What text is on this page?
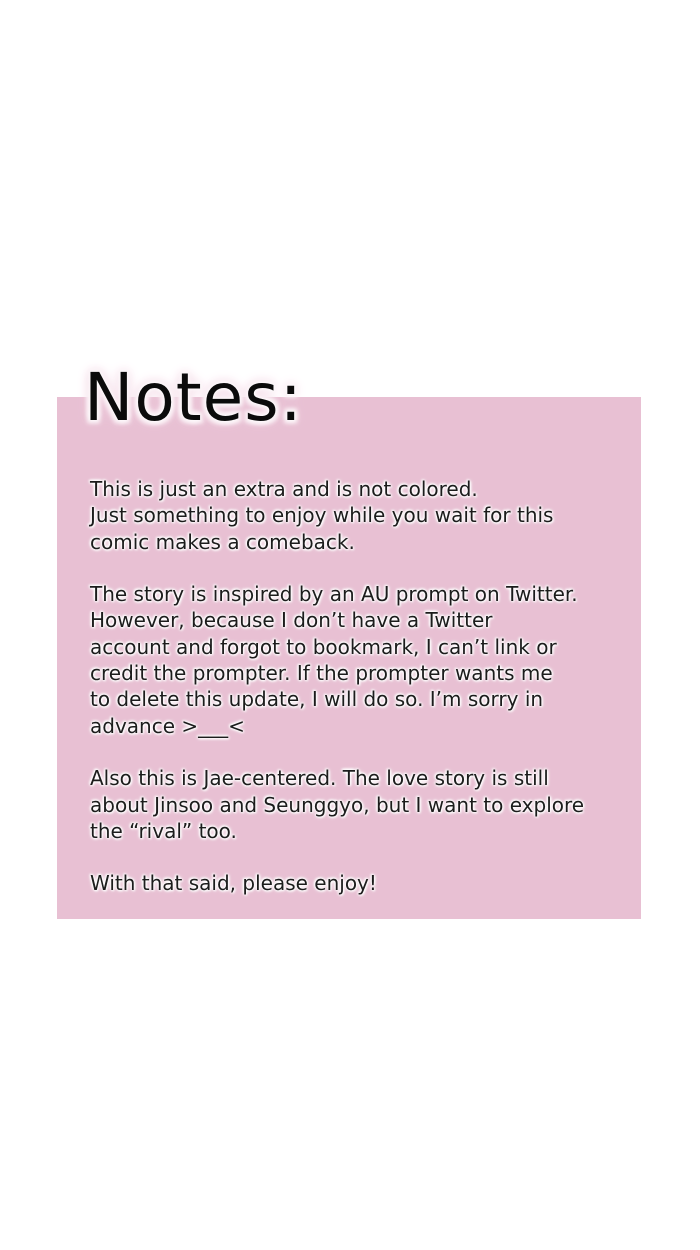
Notes:

This is just an extra and is not colored.
Just something to enjoy while you wait for this
comic makes a comeback.

The story is inspired by an AU prompt on Twitter.
However, because I don’t have a Twitter
account and forgot to bookmark, I can’t link or
credit the prompter. If the prompter wants me
to delete this update, I will do so. I’m sorry in
advance >___<

Also this is Jae-centered. The love story is still
about Jinsoo and Seunggyo, but I want to explore
the “rival” too.

With that said, please enjoy!
